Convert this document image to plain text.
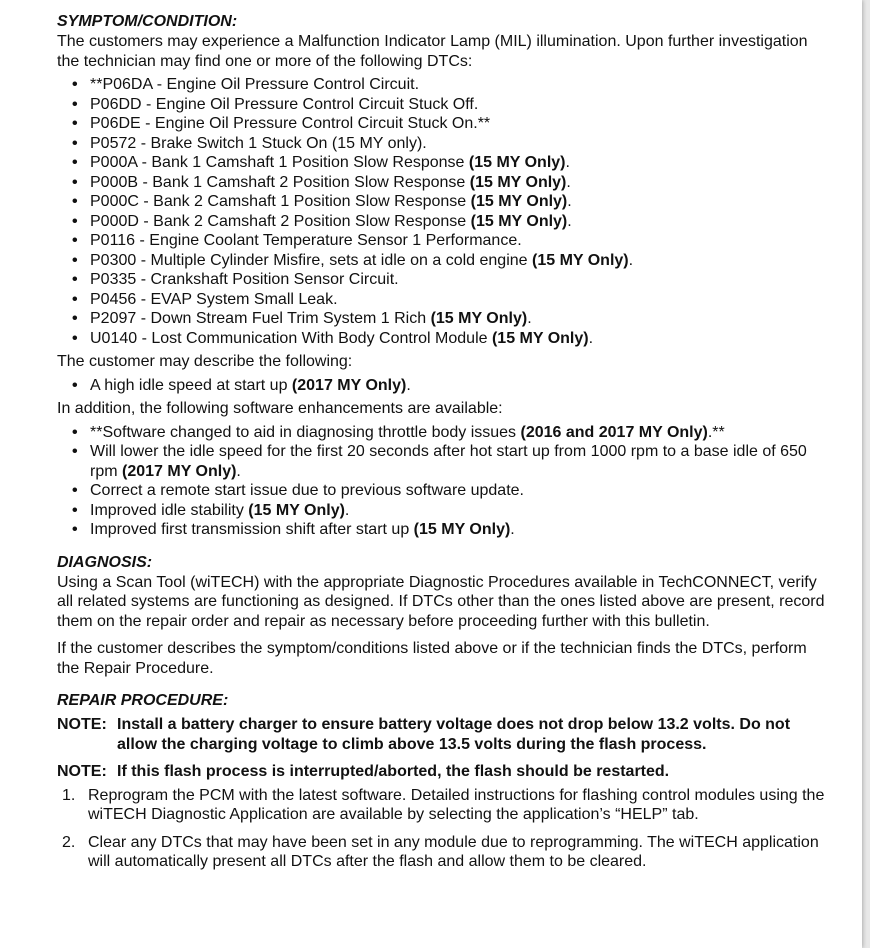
SYMPTOM/CONDITION:

The customers may experience a Malfunction Indicator Lamp (MIL) illumination. Upon further investigation the technician may find one or more of the following DTCs:

• **P06DA - Engine Oil Pressure Control Circuit.
• P06DD - Engine Oil Pressure Control Circuit Stuck Off.
• P06DE - Engine Oil Pressure Control Circuit Stuck On.**
• P0572 - Brake Switch 1 Stuck On (15 MY only).
• P000A - Bank 1 Camshaft 1 Position Slow Response (15 MY Only).
• P000B - Bank 1 Camshaft 2 Position Slow Response (15 MY Only).
• P000C - Bank 2 Camshaft 1 Position Slow Response (15 MY Only).
• P000D - Bank 2 Camshaft 2 Position Slow Response (15 MY Only).
• P0116 - Engine Coolant Temperature Sensor 1 Performance.
• P0300 - Multiple Cylinder Misfire, sets at idle on a cold engine (15 MY Only).
• P0335 - Crankshaft Position Sensor Circuit.
• P0456 - EVAP System Small Leak.
• P2097 - Down Stream Fuel Trim System 1 Rich (15 MY Only).
• U0140 - Lost Communication With Body Control Module (15 MY Only).

The customer may describe the following:

• A high idle speed at start up (2017 MY Only).

In addition, the following software enhancements are available:

• **Software changed to aid in diagnosing throttle body issues (2016 and 2017 MY Only).**
• Will lower the idle speed for the first 20 seconds after hot start up from 1000 rpm to a base idle of 650 rpm (2017 MY Only).
• Correct a remote start issue due to previous software update.
• Improved idle stability (15 MY Only).
• Improved first transmission shift after start up (15 MY Only).
DIAGNOSIS:

Using a Scan Tool (wiTECH) with the appropriate Diagnostic Procedures available in TechCONNECT, verify all related systems are functioning as designed. If DTCs other than the ones listed above are present, record them on the repair order and repair as necessary before proceeding further with this bulletin.

If the customer describes the symptom/conditions listed above or if the technician finds the DTCs, perform the Repair Procedure.

REPAIR PROCEDURE:
NOTE: Install a battery charger to ensure battery voltage does not drop below 13.2 volts. Do not allow the charging voltage to climb above 13.5 volts during the flash process.
NOTE: If this flash process is interrupted/aborted, the flash should be restarted.
1. Reprogram the PCM with the latest software. Detailed instructions for flashing control modules using the wiTECH Diagnostic Application are available by selecting the application’s “HELP” tab.
2. Clear any DTCs that may have been set in any module due to reprogramming. The wiTECH application will automatically present all DTCs after the flash and allow them to be cleared.
